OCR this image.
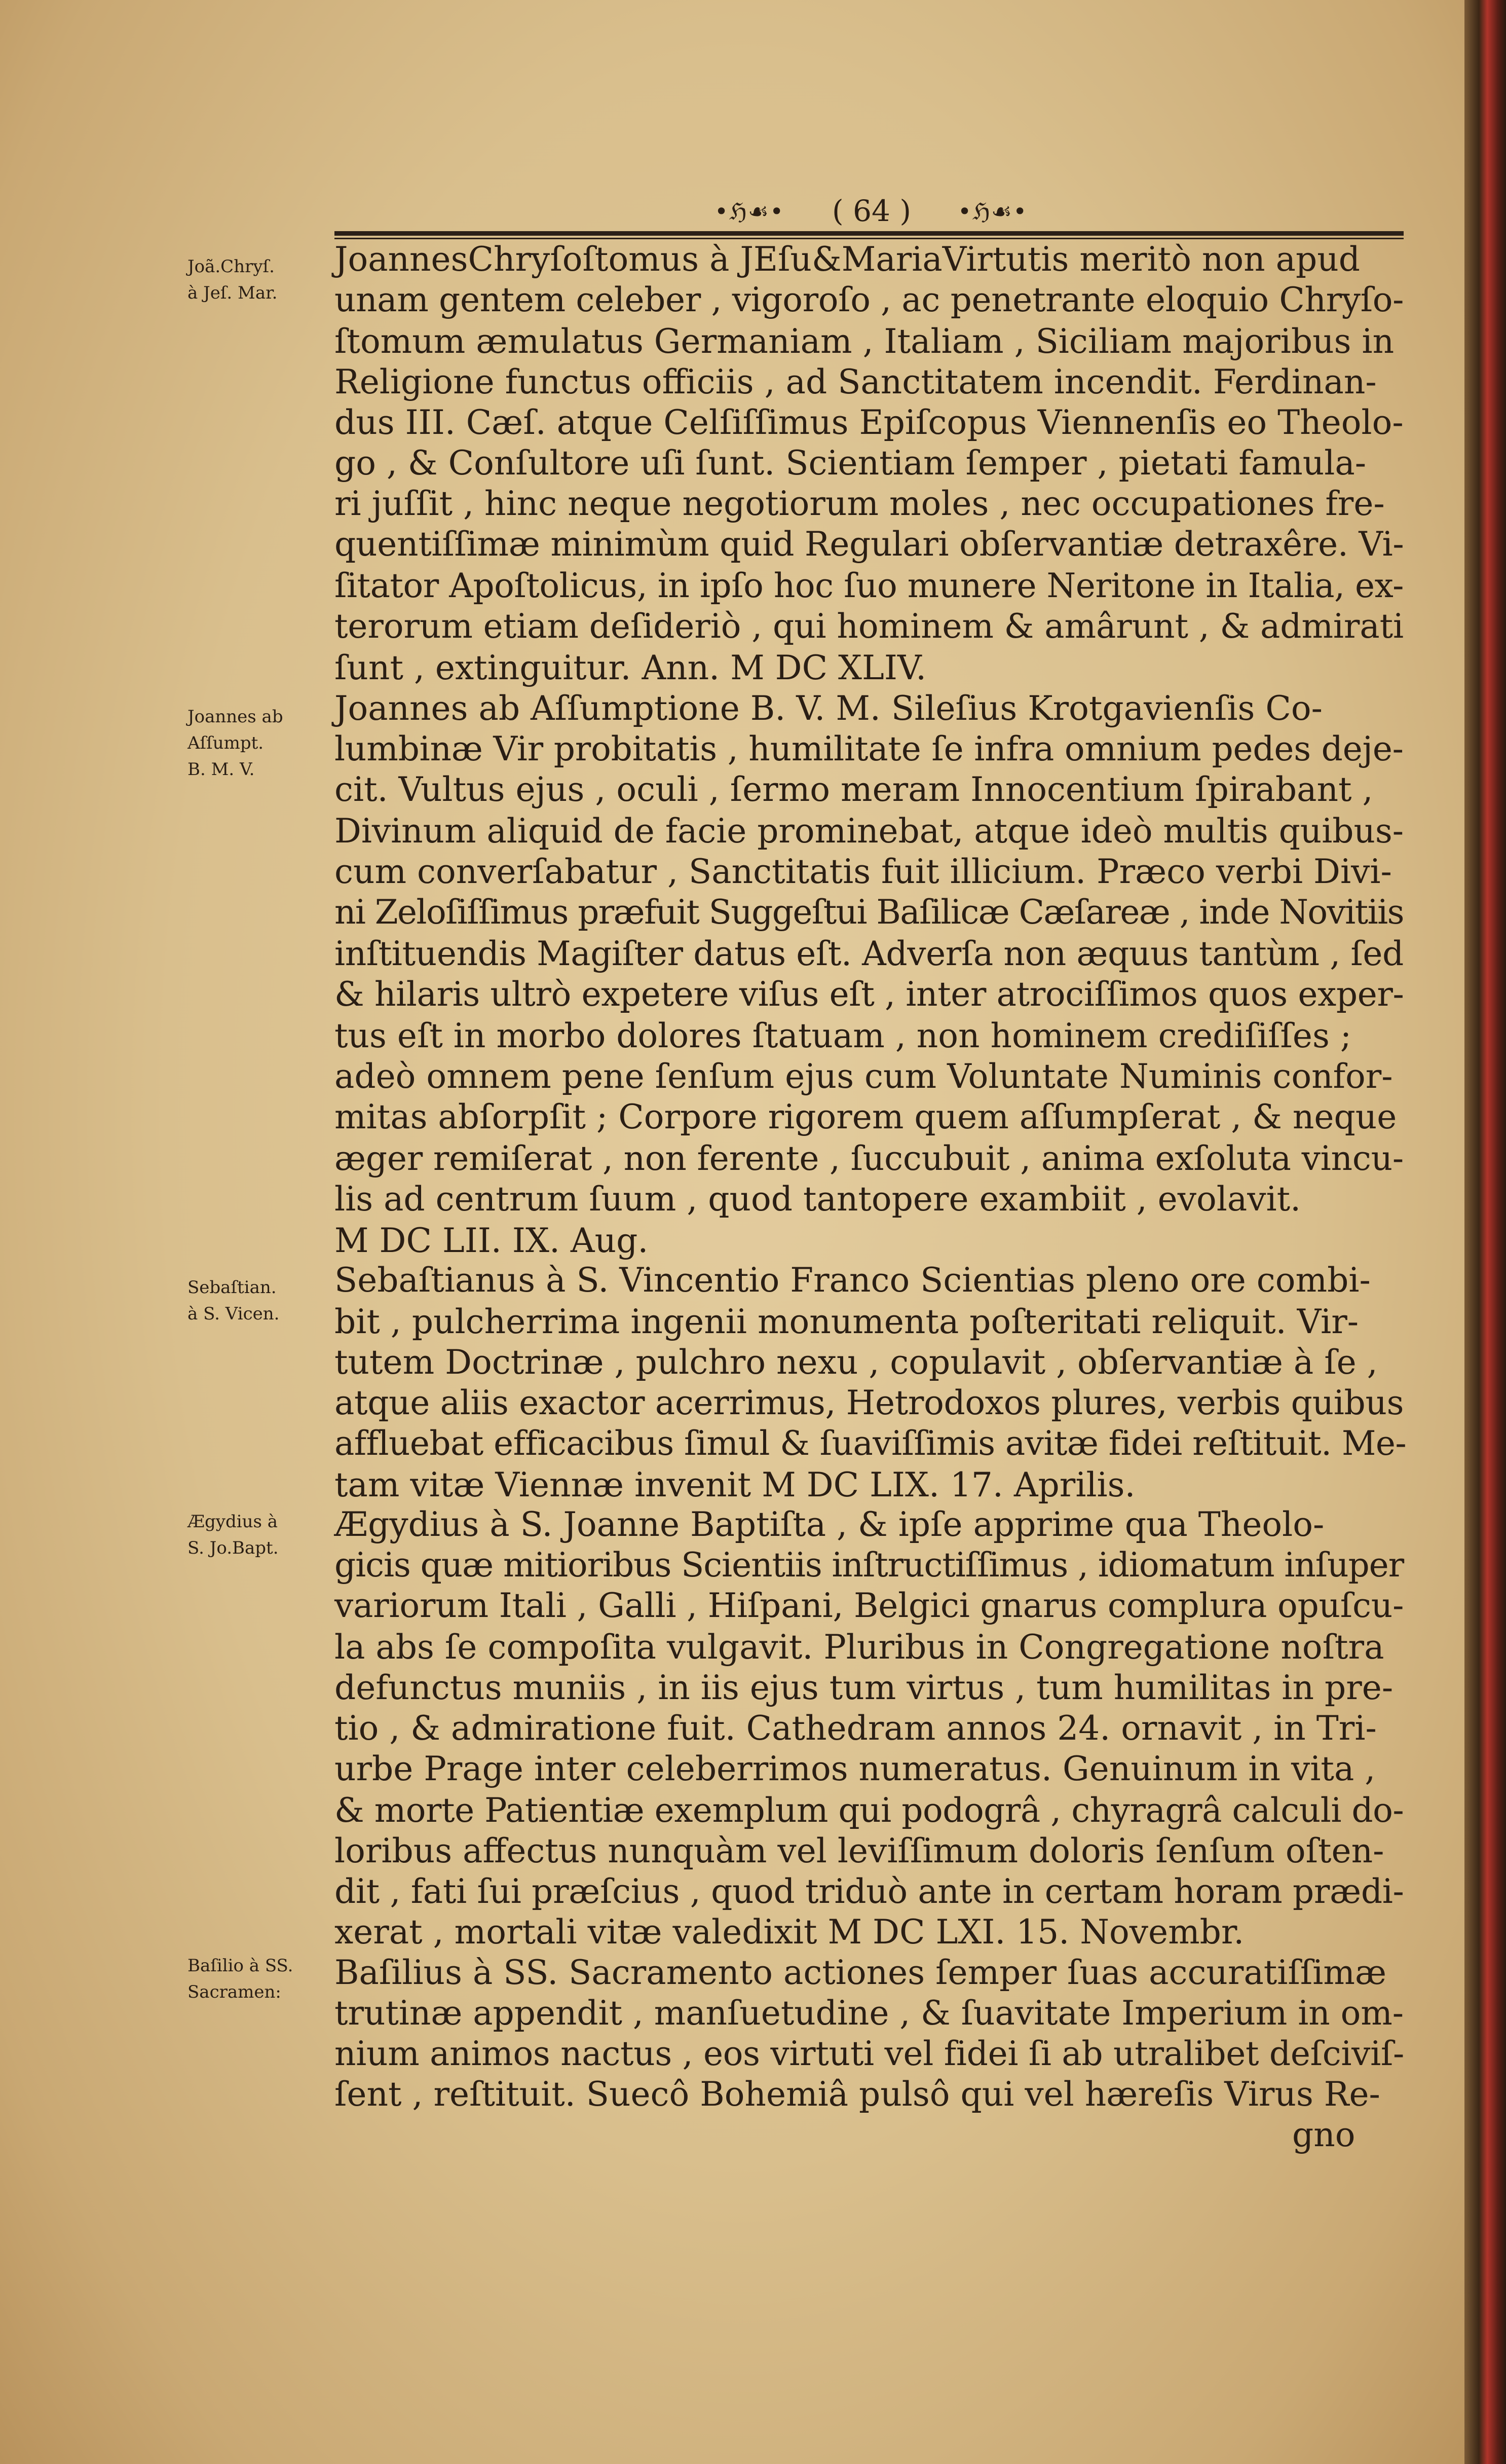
•ℌ☙•	( 64 )	•ℌ☙•
Joã.Chryſ.
à Jeſ. Mar.
Joannes ab
Aſſumpt.
B. M. V.
Sebaſtian.
à S. Vicen.
Ægydius à
S. Jo.Bapt.
Baſilio à SS.
Sacramen:
JoannesChryſoſtomus à JEſu&MariaVirtutis meritò non apud
unam gentem celeber , vigoroſo , ac penetrante eloquio Chryſo-
ſtomum æmulatus Germaniam , Italiam , Siciliam majoribus in
Religione functus officiis , ad Sanctitatem incendit. Ferdinan-
dus III. Cæſ. atque Celſiſſimus Epiſcopus Viennenſis eo Theolo-
go , & Conſultore uſi ſunt. Scientiam ſemper , pietati famula-
ri juſſit , hinc neque negotiorum moles , nec occupationes fre-
quentiſſimæ minimùm quid Regulari obſervantiæ detraxêre. Vi-
ſitator Apoſtolicus, in ipſo hoc ſuo munere Neritone in Italia, ex-
terorum etiam deſideriò , qui hominem & amârunt , & admirati
ſunt , extinguitur. Ann. M DC XLIV.
Joannes ab Aſſumptione B. V. M. Sileſius Krotgavienſis Co-
lumbinæ Vir probitatis , humilitate ſe infra omnium pedes deje-
cit. Vultus ejus , oculi , ſermo meram Innocentium ſpirabant ,
Divinum aliquid de facie prominebat, atque ideò multis quibus-
cum converſabatur , Sanctitatis fuit illicium. Præco verbi Divi-
ni Zeloſiſſimus præfuit Suggeſtui Baſilicæ Cæſareæ , inde Novitiis
inſtituendis Magiſter datus eſt. Adverſa non æquus tantùm , ſed
& hilaris ultrò expetere viſus eſt , inter atrociſſimos quos exper-
tus eſt in morbo dolores ſtatuam , non hominem crediſiſſes ;
adeò omnem pene ſenſum ejus cum Voluntate Numinis confor-
mitas abſorpſit ; Corpore rigorem quem aſſumpſerat , & neque
æger remiſerat , non ferente , ſuccubuit , anima exſoluta vincu-
lis ad centrum ſuum , quod tantopere exambiit , evolavit.
M DC LII. IX. Aug.
Sebaſtianus à S. Vincentio Franco Scientias pleno ore combi-
bit , pulcherrima ingenii monumenta poſteritati reliquit. Vir-
tutem Doctrinæ , pulchro nexu , copulavit , obſervantiæ à ſe ,
atque aliis exactor acerrimus, Hetrodoxos plures, verbis quibus
affluebat efficacibus ſimul & ſuaviſſimis avitæ fidei reſtituit. Me-
tam vitæ Viennæ invenit M DC LIX. 17. Aprilis.
Ægydius à S. Joanne Baptiſta , & ipſe apprime qua Theolo-
gicis quæ mitioribus Scientiis inſtructiſſimus , idiomatum inſuper
variorum Itali , Galli , Hiſpani, Belgici gnarus complura opuſcu-
la abs ſe compoſita vulgavit. Pluribus in Congregatione noſtra
defunctus muniis , in iis ejus tum virtus , tum humilitas in pre-
tio , & admiratione fuit. Cathedram annos 24. ornavit , in Tri-
urbe Prage inter celeberrimos numeratus. Genuinum in vita ,
& morte Patientiæ exemplum qui podogrâ , chyragrâ calculi do-
loribus affectus nunquàm vel leviſſimum doloris ſenſum oſten-
dit , fati ſui præſcius , quod triduò ante in certam horam prædi-
xerat , mortali vitæ valedixit M DC LXI. 15. Novembr.
Baſilius à SS. Sacramento actiones ſemper ſuas accuratiſſimæ
trutinæ appendit , manſuetudine , & ſuavitate Imperium in om-
nium animos nactus , eos virtuti vel fidei ſi ab utralibet deſciviſ-
ſent , reſtituit. Suecô Bohemiâ pulsô qui vel hæreſis Virus Re-
gno
